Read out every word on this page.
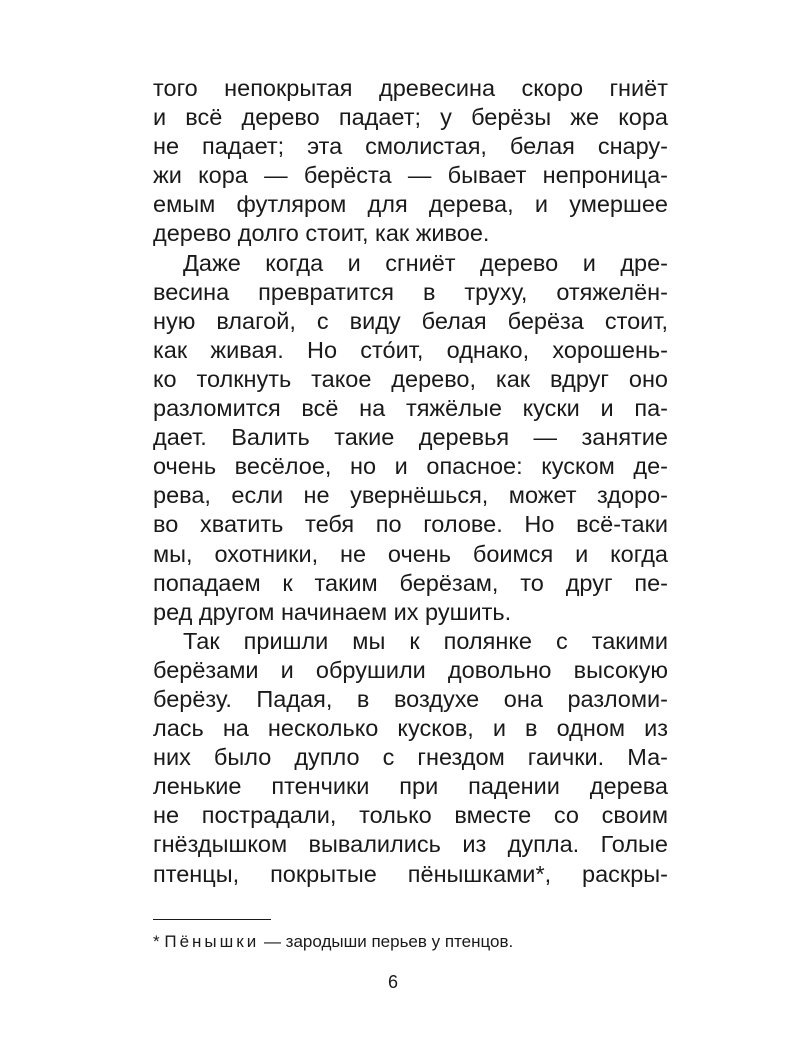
того непокрытая древесина скоро гниёт
и всё дерево падает; у берёзы же кора
не падает; эта смолистая, белая снару-
жи кора — берёста — бывает непроница-
емым футляром для дерева, и умершее
дерево долго стоит, как живое.
Даже когда и сгниёт дерево и дре-
весина превратится в труху, отяжелён-
ную влагой, с виду белая берёза стоит,
как живая. Но сто́ит, однако, хорошень-
ко толкнуть такое дерево, как вдруг оно
разломится всё на тяжёлые куски и па-
дает. Валить такие деревья — занятие
очень весёлое, но и опасное: куском де-
рева, если не увернёшься, может здоро-
во хватить тебя по голове. Но всё-таки
мы, охотники, не очень боимся и когда
попадаем к таким берёзам, то друг пе-
ред другом начинаем их рушить.
Так пришли мы к полянке с такими
берёзами и обрушили довольно высокую
берёзу. Падая, в воздухе она разломи-
лась на несколько кусков, и в одном из
них было дупло с гнездом гаички. Ма-
ленькие птенчики при падении дерева
не пострадали, только вместе со своим
гнёздышком вывалились из дупла. Голые
птенцы, покрытые пёнышками*, раскры-
* Пёнышки — зародыши перьев у птенцов.
6
